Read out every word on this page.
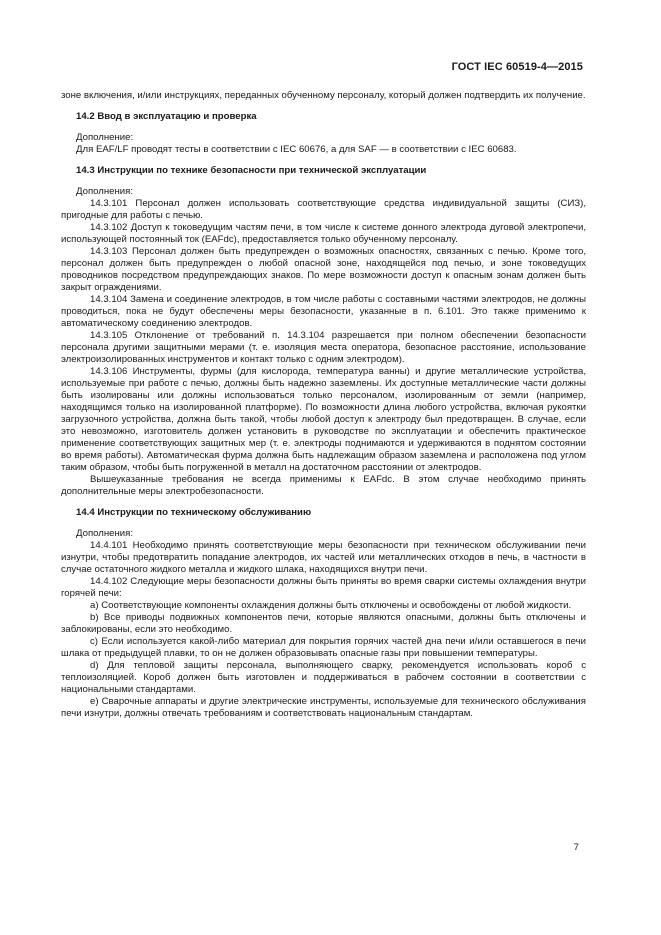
ГОСТ IEC 60519-4—2015

зоне включения, и/или инструкциях, переданных обученному персоналу, который должен подтвердить их получение.

14.2 Ввод в эксплуатацию и проверка

Дополнение:

Для EAF/LF проводят тесты в соответствии с IEC 60676, а для SAF — в соответствии с IEC 60683.

14.3 Инструкции по технике безопасности при технической эксплуатации

Дополнения:

14.3.101 Персонал должен использовать соответствующие средства индивидуальной защиты (СИЗ), пригодные для работы с печью.

14.3.102 Доступ к токоведущим частям печи, в том числе к системе донного электрода дуговой электропечи, использующей постоянный ток (EAFdc), предоставляется только обученному персоналу.

14.3.103 Персонал должен быть предупрежден о возможных опасностях, связанных с печью. Кроме того, персонал должен быть предупрежден о любой опасной зоне, находящейся под печью, и зоне токоведущих проводников посредством предупреждающих знаков. По мере возможности доступ к опасным зонам должен быть закрыт ограждениями.

14.3.104 Замена и соединение электродов, в том числе работы с составными частями электродов, не должны проводиться, пока не будут обеспечены меры безопасности, указанные в п. 6.101. Это также применимо к автоматическому соединению электродов.

14.3.105 Отклонение от требований п. 14.3.104 разрешается при полном обеспечении безопасности персонала другими защитными мерами (т. е. изоляция места оператора, безопасное расстояние, использование электроизолированных инструментов и контакт только с одним электродом).

14.3.106 Инструменты, фурмы (для кислорода, температура ванны) и другие металлические устройства, используемые при работе с печью, должны быть надежно заземлены. Их доступные металлические части должны быть изолированы или должны использоваться только персоналом, изолированным от земли (например, находящимся только на изолированной платформе). По возможности длина любого устройства, включая рукоятки загрузочного устройства, должна быть такой, чтобы любой доступ к электроду был предотвращен. В случае, если это невозможно, изготовитель должен установить в руководстве по эксплуатации и обеспечить практическое применение соответствующих защитных мер (т. е. электроды поднимаются и удерживаются в поднятом состоянии во время работы). Автоматическая фурма должна быть надлежащим образом заземлена и расположена под углом таким образом, чтобы быть погруженной в металл на достаточном расстоянии от электродов.

Вышеуказанные требования не всегда применимы к EAFdc. В этом случае необходимо принять дополнительные меры электробезопасности.

14.4 Инструкции по техническому обслуживанию

Дополнения:

14.4.101 Необходимо принять соответствующие меры безопасности при техническом обслуживании печи изнутри, чтобы предотвратить попадание электродов, их частей или металлических отходов в печь, в частности в случае остаточного жидкого металла и жидкого шлака, находящихся внутри печи.

14.4.102 Следующие меры безопасности должны быть приняты во время сварки системы охлаждения внутри горячей печи:

a) Соответствующие компоненты охлаждения должны быть отключены и освобождены от любой жидкости.

b) Все приводы подвижных компонентов печи, которые являются опасными, должны быть отключены и заблокированы, если это необходимо.

c) Если используется какой-либо материал для покрытия горячих частей дна печи и/или оставшегося в печи шлака от предыдущей плавки, то он не должен образовывать опасные газы при повышении температуры.

d) Для тепловой защиты персонала, выполняющего сварку, рекомендуется использовать короб с теплоизоляцией. Короб должен быть изготовлен и поддерживаться в рабочем состоянии в соответствии с национальными стандартами.

e) Сварочные аппараты и другие электрические инструменты, используемые для технического обслуживания печи изнутри, должны отвечать требованиям и соответствовать национальным стандартам.

7
